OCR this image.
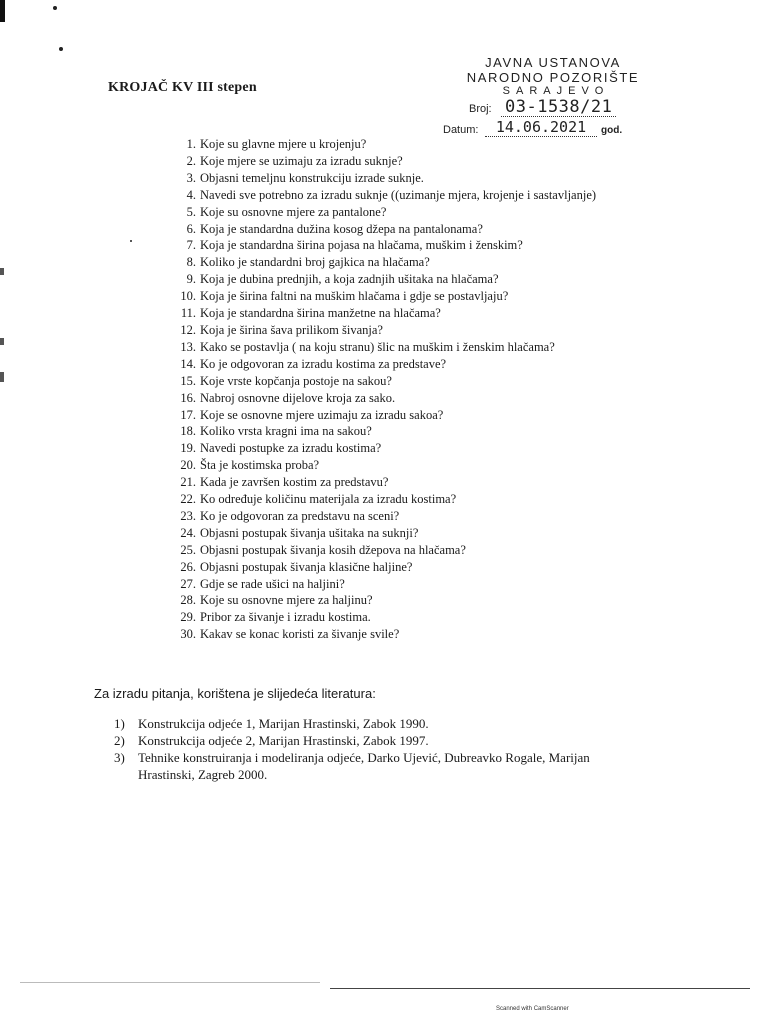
KROJAČ KV III stepen
JAVNA USTANOVA
NARODNO POZORIŠTE
SARAJEVO
Broj: 03-1538/21
Datum:	14.06.2021	god.
1. Koje su glavne mjere u krojenju?
2. Koje mjere se uzimaju za izradu suknje?
3. Objasni temeljnu konstrukciju izrade suknje.
4. Navedi sve potrebno za izradu suknje ((uzimanje mjera, krojenje i sastavljanje)
5. Koje su osnovne mjere za pantalone?
6. Koja je standardna dužina kosog džepa na pantalonama?
7. Koja je standardna širina pojasa na hlačama, muškim i ženskim?
8. Koliko je standardni broj gajkica na hlačama?
9. Koja je dubina prednjih, a koja zadnjih ušitaka na hlačama?
10. Koja je širina faltni na muškim hlačama i gdje se postavljaju?
11. Koja je standardna širina manžetne na hlačama?
12. Koja je širina šava prilikom šivanja?
13. Kako se postavlja ( na koju stranu) šlic na muškim i ženskim hlačama?
14. Ko je odgovoran za izradu kostima za predstave?
15. Koje vrste kopčanja postoje na sakou?
16. Nabroj osnovne dijelove kroja za sako.
17. Koje se osnovne mjere uzimaju za izradu sakoa?
18. Koliko vrsta kragni ima na sakou?
19. Navedi postupke za izradu kostima?
20. Šta je kostimska proba?
21. Kada je završen kostim za predstavu?
22. Ko određuje količinu materijala za izradu kostima?
23. Ko je odgovoran za predstavu na sceni?
24. Objasni postupak šivanja ušitaka na suknji?
25. Objasni postupak šivanja kosih džepova na hlačama?
26. Objasni postupak šivanja klasične haljine?
27. Gdje se rade ušici na haljini?
28. Koje su osnovne mjere za haljinu?
29. Pribor za šivanje i izradu kostima.
30. Kakav se konac koristi za šivanje svile?
Za izradu pitanja, korištena je slijedeća literatura:
1)	Konstrukcija odjeće 1, Marijan Hrastinski, Zabok 1990.
2)	Konstrukcija odjeće 2, Marijan Hrastinski, Zabok 1997.
3)	Tehnike konstruiranja i modeliranja odjeće, Darko Ujević, Dubreavko Rogale, Marijan Hrastinski, Zagreb 2000.
Scanned with CamScanner
